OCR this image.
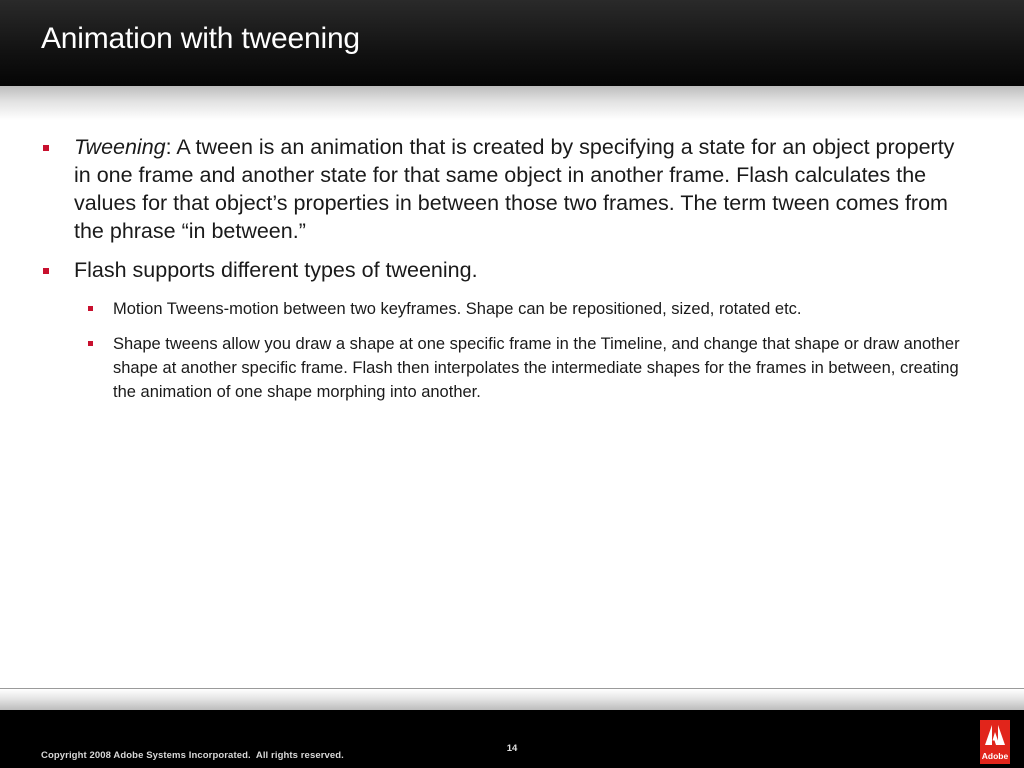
Animation with tweening
Tweening: A tween is an animation that is created by specifying a state for an object property in one frame and another state for that same object in another frame. Flash calculates the values for that object’s properties in between those two frames. The term tween comes from the phrase “in between.”
Flash supports different types of tweening.
Motion Tweens-motion between two keyframes. Shape can be repositioned, sized, rotated etc.
Shape tweens allow you draw a shape at one specific frame in the Timeline, and change that shape or draw another shape at another specific frame. Flash then interpolates the intermediate shapes for the frames in between, creating the animation of one shape morphing into another.
Copyright 2008 Adobe Systems Incorporated.  All rights reserved.
14
Adobe
